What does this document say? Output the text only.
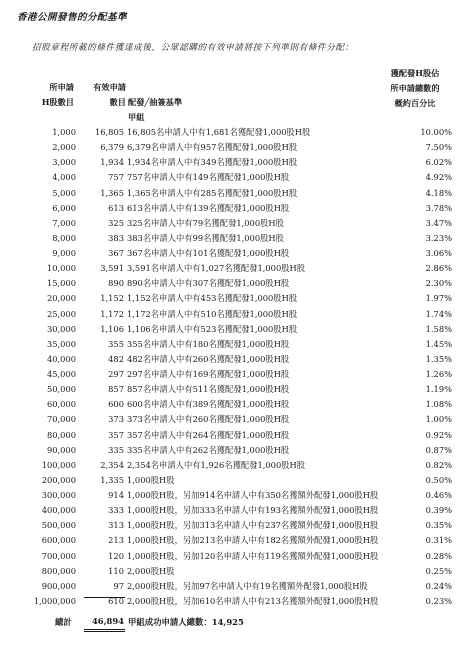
香港公開發售的分配基準
招股章程所載的條件獲達成後，公眾認購的有效申請將按下列準則有條件分配：
所申請
H股數目
有效申請
數目 配發╱抽簽基準
甲組
獲配發H股佔
所申請總數的
概約百分比
1,000	16,805 16,805名申請人中有1,681名獲配發1,000股H股	10.00%
2,000	6,379 6,379名申請人中有957名獲配發1,000股H股	7.50%
3,000	1,934 1,934名申請人中有349名獲配發1,000股H股	6.02%
4,000	757 757名申請人中有149名獲配發1,000股H股	4.92%
5,000	1,365 1,365名申請人中有285名獲配發1,000股H股	4.18%
6,000	613 613名申請人中有139名獲配發1,000股H股	3.78%
7,000	325 325名申請人中有79名獲配發1,000股H股	3.47%
8,000	383 383名申請人中有99名獲配發1,000股H股	3.23%
9,000	367 367名申請人中有101名獲配發1,000股H股	3.06%
10,000	3,591 3,591名申請人中有1,027名獲配發1,000股H股	2.86%
15,000	890 890名申請人中有307名獲配發1,000股H股	2.30%
20,000	1,152 1,152名申請人中有453名獲配發1,000股H股	1.97%
25,000	1,172 1,172名申請人中有510名獲配發1,000股H股	1.74%
30,000	1,106 1,106名申請人中有523名獲配發1,000股H股	1.58%
35,000	355 355名申請人中有180名獲配發1,000股H股	1.45%
40,000	482 482名申請人中有260名獲配發1,000股H股	1.35%
45,000	297 297名申請人中有169名獲配發1,000股H股	1.26%
50,000	857 857名申請人中有511名獲配發1,000股H股	1.19%
60,000	600 600名申請人中有389名獲配發1,000股H股	1.08%
70,000	373 373名申請人中有260名獲配發1,000股H股	1.00%
80,000	357 357名申請人中有264名獲配發1,000股H股	0.92%
90,000	335 335名申請人中有262名獲配發1,000股H股	0.87%
100,000	2,354 2,354名申請人中有1,926名獲配發1,000股H股	0.82%
200,000	1,335 1,000股H股	0.50%
300,000	914 1,000股H股，另加914名申請人中有350名獲額外配發1,000股H股	0.46%
400,000	333 1,000股H股，另加333名申請人中有193名獲額外配發1,000股H股	0.39%
500,000	313 1,000股H股，另加313名申請人中有237名獲額外配發1,000股H股	0.35%
600,000	213 1,000股H股，另加213名申請人中有182名獲額外配發1,000股H股	0.31%
700,000	120 1,000股H股，另加120名申請人中有119名獲額外配發1,000股H股	0.28%
800,000	110 2,000股H股	0.25%
900,000	97 2,000股H股，另加97名申請人中有19名獲額外配發1,000股H股	0.24%
1,000,000	610 2,000股H股，另加610名申請人中有213名獲額外配發1,000股H股	0.23%
總計	46,894 甲組成功申請人總數：14,925
